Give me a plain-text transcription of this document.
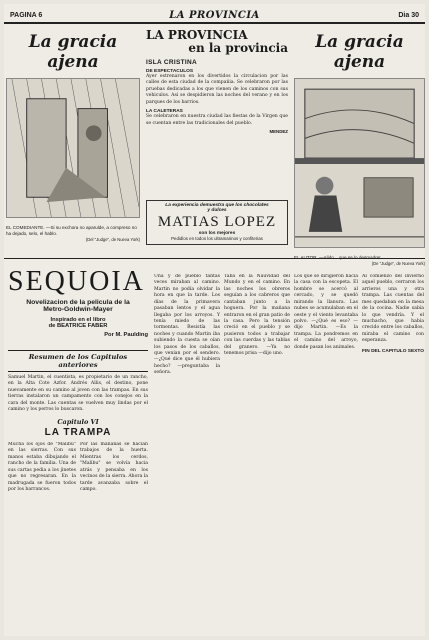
PAGINA 6	LA PROVINCIA	Dia 30
La gracia ajena
EL COMEDIANTE. —Si su exchora no aparulde, a compreso no ha dejado, selo, el hablo.
(Del "Judge", de Nueva York)
LA PROVINCIA
en la provincia
ISLA CRISTINA
DE ESPECTACULOS
Ayer estrenaron en los divertidos la circulacion por las calles de esta ciudad de la compañia. Se celebraron por las pruebas dedicadas a los que vienen de los caminos con sus vehiculos. Asi se despidieron las noches del verano y en los parques de los barrios.
LA CALETERAS
Se celebraron en nuestra ciudad las fiestas de la Virgen que se cuentan entre las tradicionales del pueblo.
MENDEZ
La experiencia demuestra que los chocolates
y dulces
MATIAS LOPEZ
son los mejores
Pedidlos en todos los ultramarinos y confiterias
La gracia ajena
EL AUTOR. —Alido... que se lo desmadre!
(De "Judge", de Nueva York)
SEQUOIA
Novelizacion de la pelicula de la
Metro-Goldwin-Mayer
Inspirado en el libro
de BEATRICE FABER
Por M. Paulding
Resumen de los Capitulos anteriores
Samuel Martin, el cuentista, es propietario de un rancho, en la Alta Cote Azfor. Andrés Allis, el destino, pone nuevamente en su camino al joven con las trampas. En sus tierras instalaron un campamento con los conejos en la cara del monte. Las cuentas se vuelven muy lindas por el camino y los perros lo buscaron.
Capitulo VI
LA TRAMPA
Mucha los ojos de "Malibu" en las sierras. Con sus manos estaba dibujando el rancho de la familia. Una de sus cartas pedia a los jinetes que no regresaran. En la madrugada se fueron todos por los barrancos.
Por las mañanas se hacían trabajos de la huerta. Mientras los cerdos, "Malibu" se volvía hacia atrás y pensaba en los vecinos de la sierra. Ahora la tarde avanzaba sobre el campo.
Una y de pueblo tantas veces miraban al camino. Martin no podía olvidar la hora en que la tarde. Los días de la primavera pasaban lentos y el agua llegaba por los arroyos. Y tenía miedo de las tormentas. Resistía las noches y cuando Martin iba subiendo la cuesta se oían los pasos de los caballos, que venían por el sendero. —¿Qué dice que él hubiera hecho? —preguntaba la señora.
Taba en la Nauvidad del Mundo y en el camino. En las noches los obreros seguían a los cabreros que cantaban junto a la hoguera. Por la mañana entraron en el gran patio de la casa. Pero la tensión creció en el pueblo y se pusieron todos a trabajar con las cuerdas y las tablas del granero. —Ya no tenemos prisa —dijo uno.
Los que se dirigieron hacia la casa con la escopeta. El hombre se acercó al cercado, y se quedó mirando la llanura. Las nubes se acumulaban en el oeste y el viento levantaba polvo. —¿Qué es eso? —dijo Martin. —Es la trampa. La pondremos en el camino del arroyo, donde pasan los animales.
Al comienzo del invierno aquel pueblo, cerraron los arrieros una y otra trampa. Las cuentas del mes quedaban en la mesa de la cocina. Nadie sabía lo que vendría. Y el muchacho, que había crecido entre los caballos, miraba el camino con esperanza.
FIN DEL CAPITULO SEXTO
